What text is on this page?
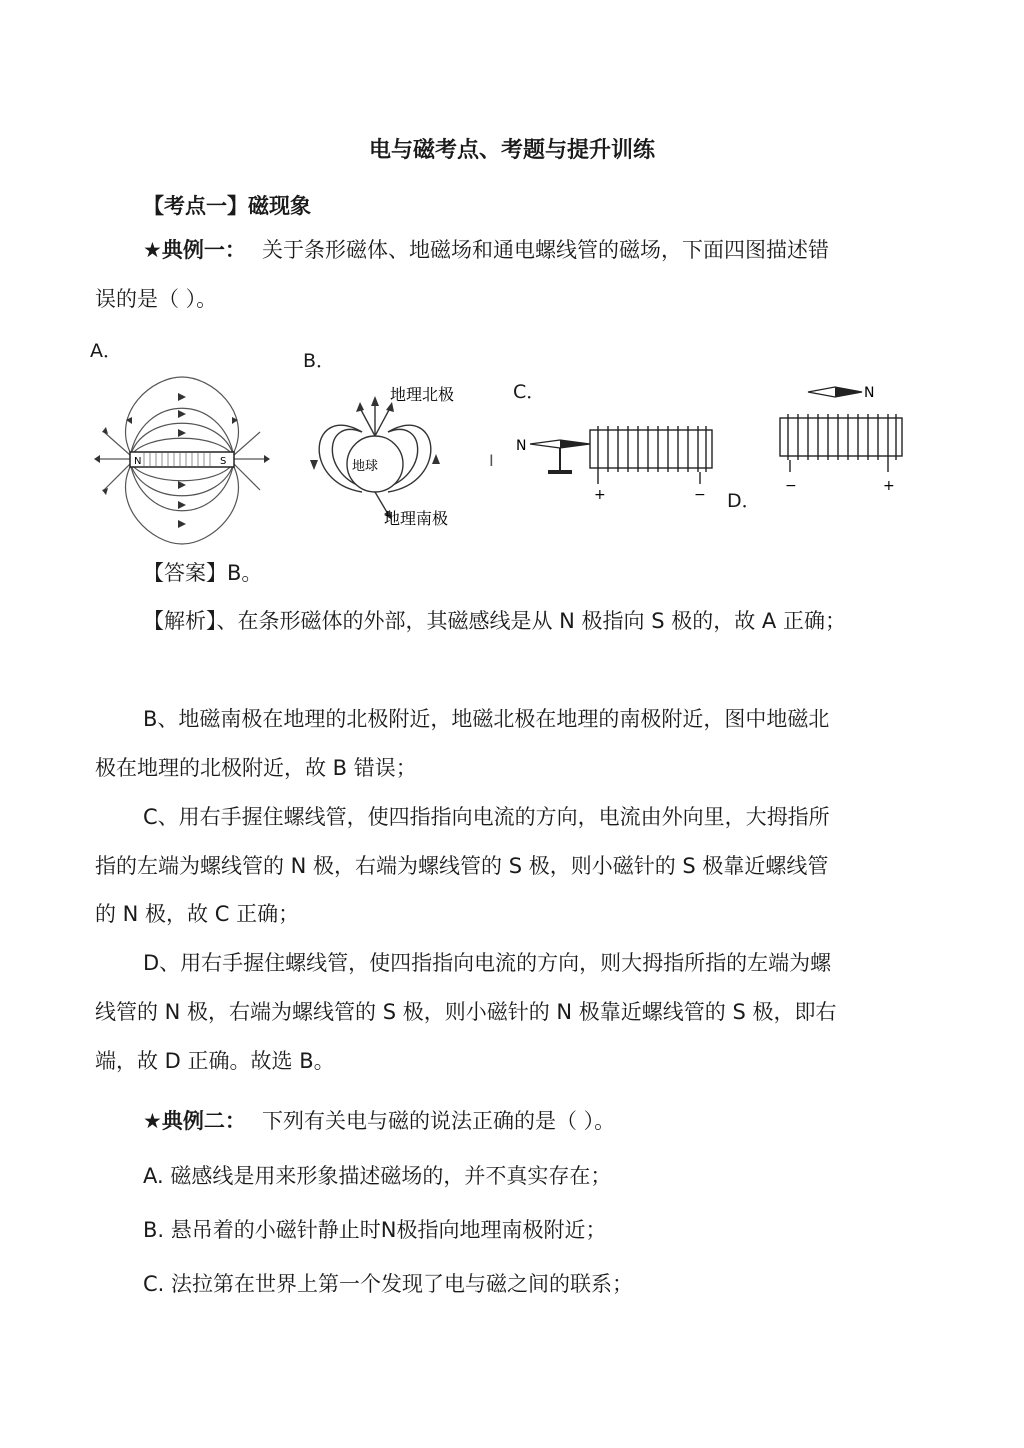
电与磁考点、考题与提升训练
【考点一】磁现象
★典例一： 关于条形磁体、地磁场和通电螺线管的磁场，下面四图描述错
误的是（ ）。
A．	B．
C．
D．
N	S	地球
地理北极
地理南极
I
N
+	−
N
−	+
【答案】B。
【解析】、在条形磁体的外部，其磁感线是从 N 极指向 S 极的，故 A 正确；
B、地磁南极在地理的北极附近，地磁北极在地理的南极附近，图中地磁北
极在地理的北极附近，故 B 错误；
C、用右手握住螺线管，使四指指向电流的方向，电流由外向里，大拇指所
指的左端为螺线管的 N 极，右端为螺线管的 S 极，则小磁针的 S 极靠近螺线管
的 N 极，故 C 正确；
D、用右手握住螺线管，使四指指向电流的方向，则大拇指所指的左端为螺
线管的 N 极，右端为螺线管的 S 极，则小磁针的 N 极靠近螺线管的 S 极，即右
端，故 D 正确。故选 B。
★典例二： 下列有关电与磁的说法正确的是（ ）。
A. 磁感线是用来形象描述磁场的，并不真实存在；
B. 悬吊着的小磁针静止时N极指向地理南极附近；
C. 法拉第在世界上第一个发现了电与磁之间的联系；
